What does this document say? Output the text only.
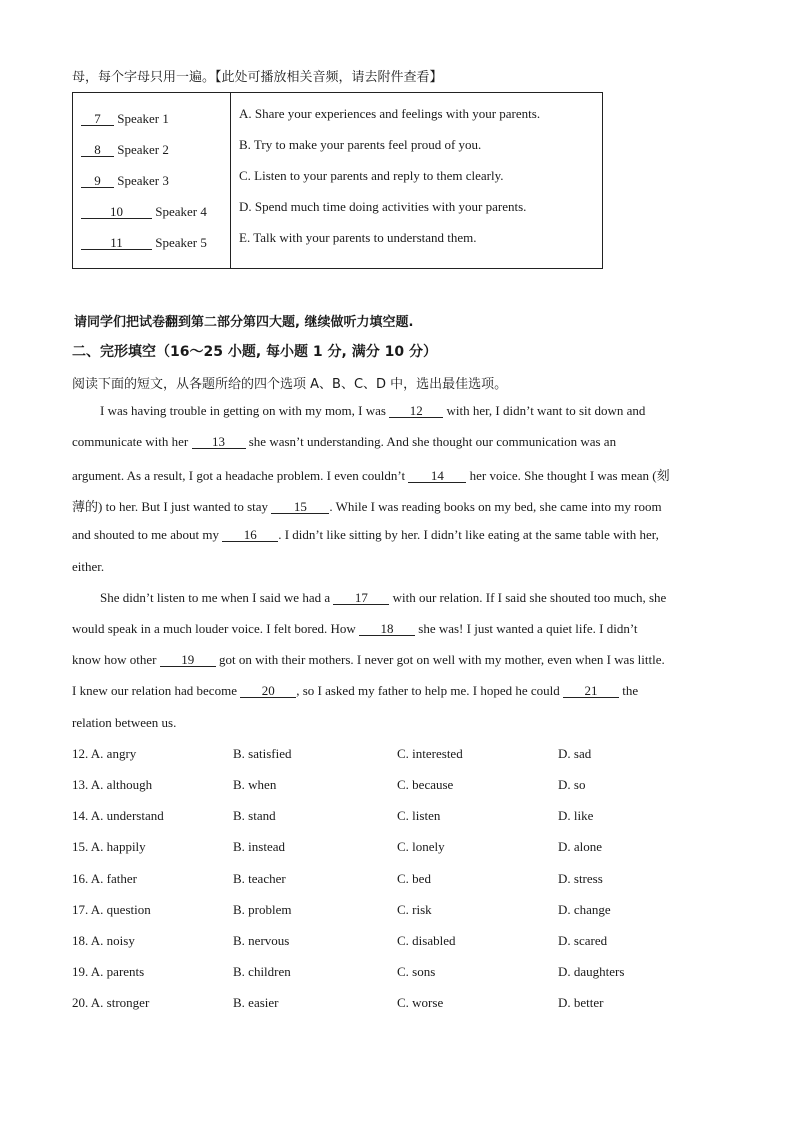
母，每个字母只用一遍。【此处可播放相关音频，请去附件查看】
7 Speaker 1
8 Speaker 2
9 Speaker 3
10 Speaker 4
11 Speaker 5
A. Share your experiences and feelings with your parents.
B. Try to make your parents feel proud of you.
C. Listen to your parents and reply to them clearly.
D. Spend much time doing activities with your parents.
E. Talk with your parents to understand them.
请同学们把试卷翻到第二部分第四大题, 继续做听力填空题.
二、完形填空（16～25 小题, 每小题 1 分, 满分 10 分）
阅读下面的短文，从各题所给的四个选项 A、B、C、D 中，选出最佳选项。
I was having trouble in getting on with my mom, I was 12 with her, I didn’t want to sit down and
communicate with her 13 she wasn’t understanding. And she thought our communication was an
argument. As a result, I got a headache problem. I even couldn’t 14 her voice. She thought I was mean (刻
薄的) to her. But I just wanted to stay 15 . While I was reading books on my bed, she came into my room
and shouted to me about my 16 . I didn’t like sitting by her. I didn’t like eating at the same table with her,
either.
She didn’t listen to me when I said we had a 17 with our relation. If I said she shouted too much, she
would speak in a much louder voice. I felt bored. How 18 she was! I just wanted a quiet life. I didn’t
know how other 19 got on with their mothers. I never got on well with my mother, even when I was little.
I knew our relation had become 20 , so I asked my father to help me. I hoped he could 21 the
relation between us.
12. A. angry	B. satisfied	C. interested	D. sad
13. A. although	B. when	C. because	D. so
14. A. understand	B. stand	C. listen	D. like
15. A. happily	B. instead	C. lonely	D. alone
16. A. father	B. teacher	C. bed	D. stress
17. A. question	B. problem	C. risk	D. change
18. A. noisy	B. nervous	C. disabled	D. scared
19. A. parents	B. children	C. sons	D. daughters
20. A. stronger	B. easier	C. worse	D. better
